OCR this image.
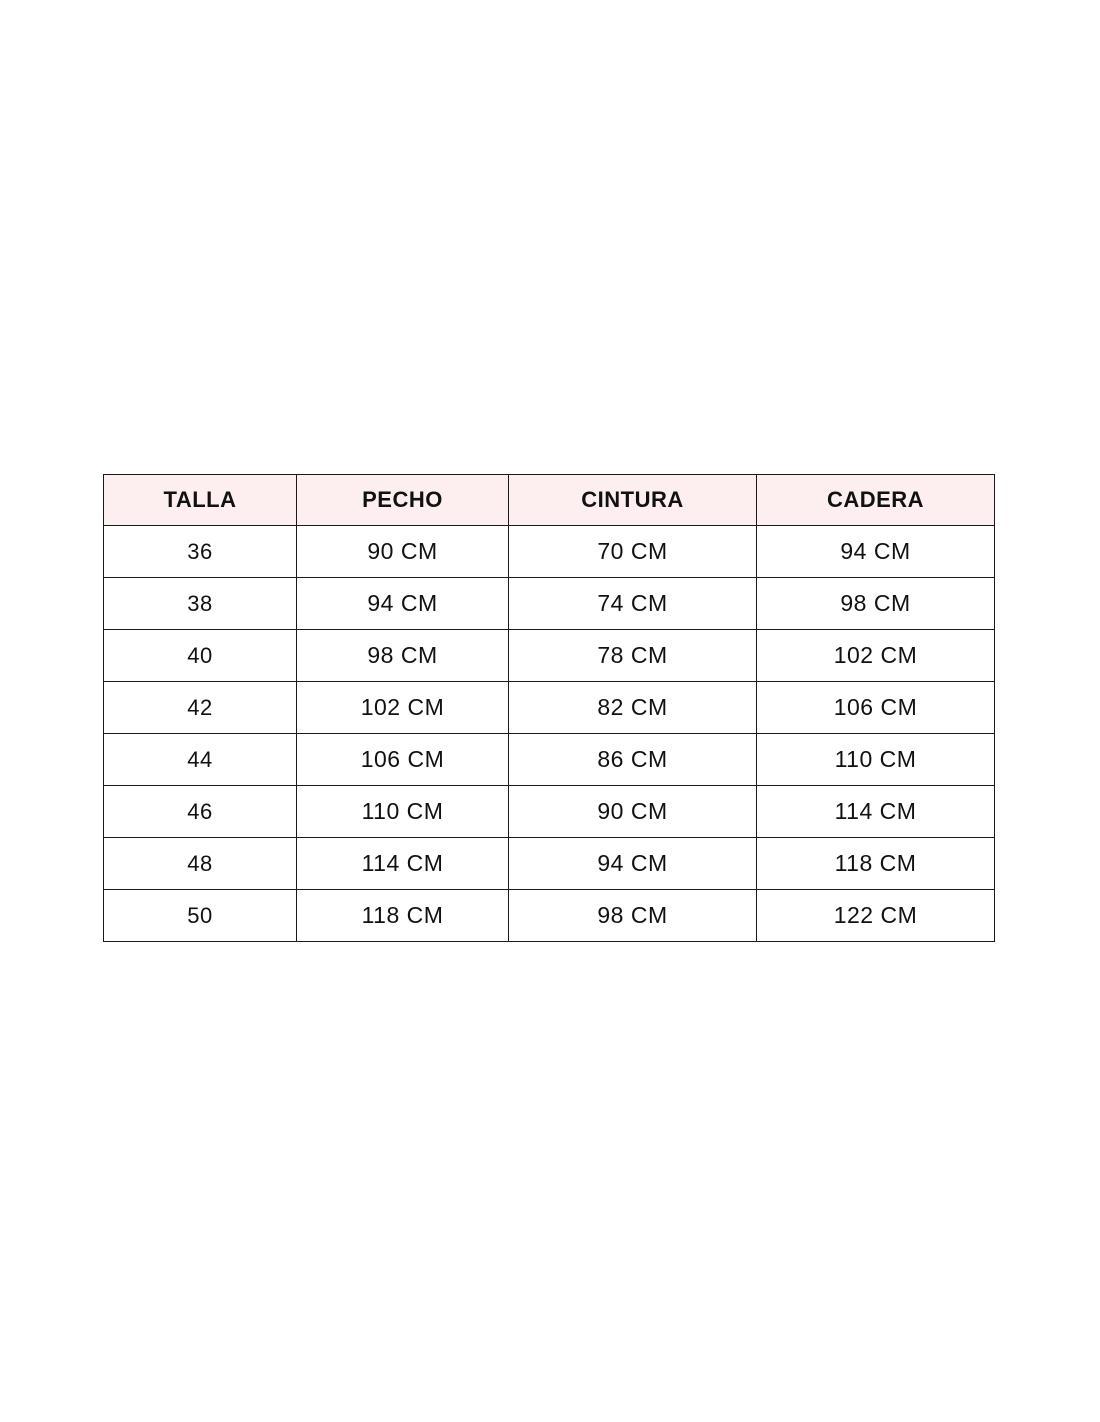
TALLA	PECHO	CINTURA	CADERA
36	90 CM	70 CM	94 CM
38	94 CM	74 CM	98 CM
40	98 CM	78 CM	102 CM
42	102 CM	82 CM	106 CM
44	106 CM	86 CM	110 CM
46	110 CM	90 CM	114 CM
48	114 CM	94 CM	118 CM
50	118 CM	98 CM	122 CM
